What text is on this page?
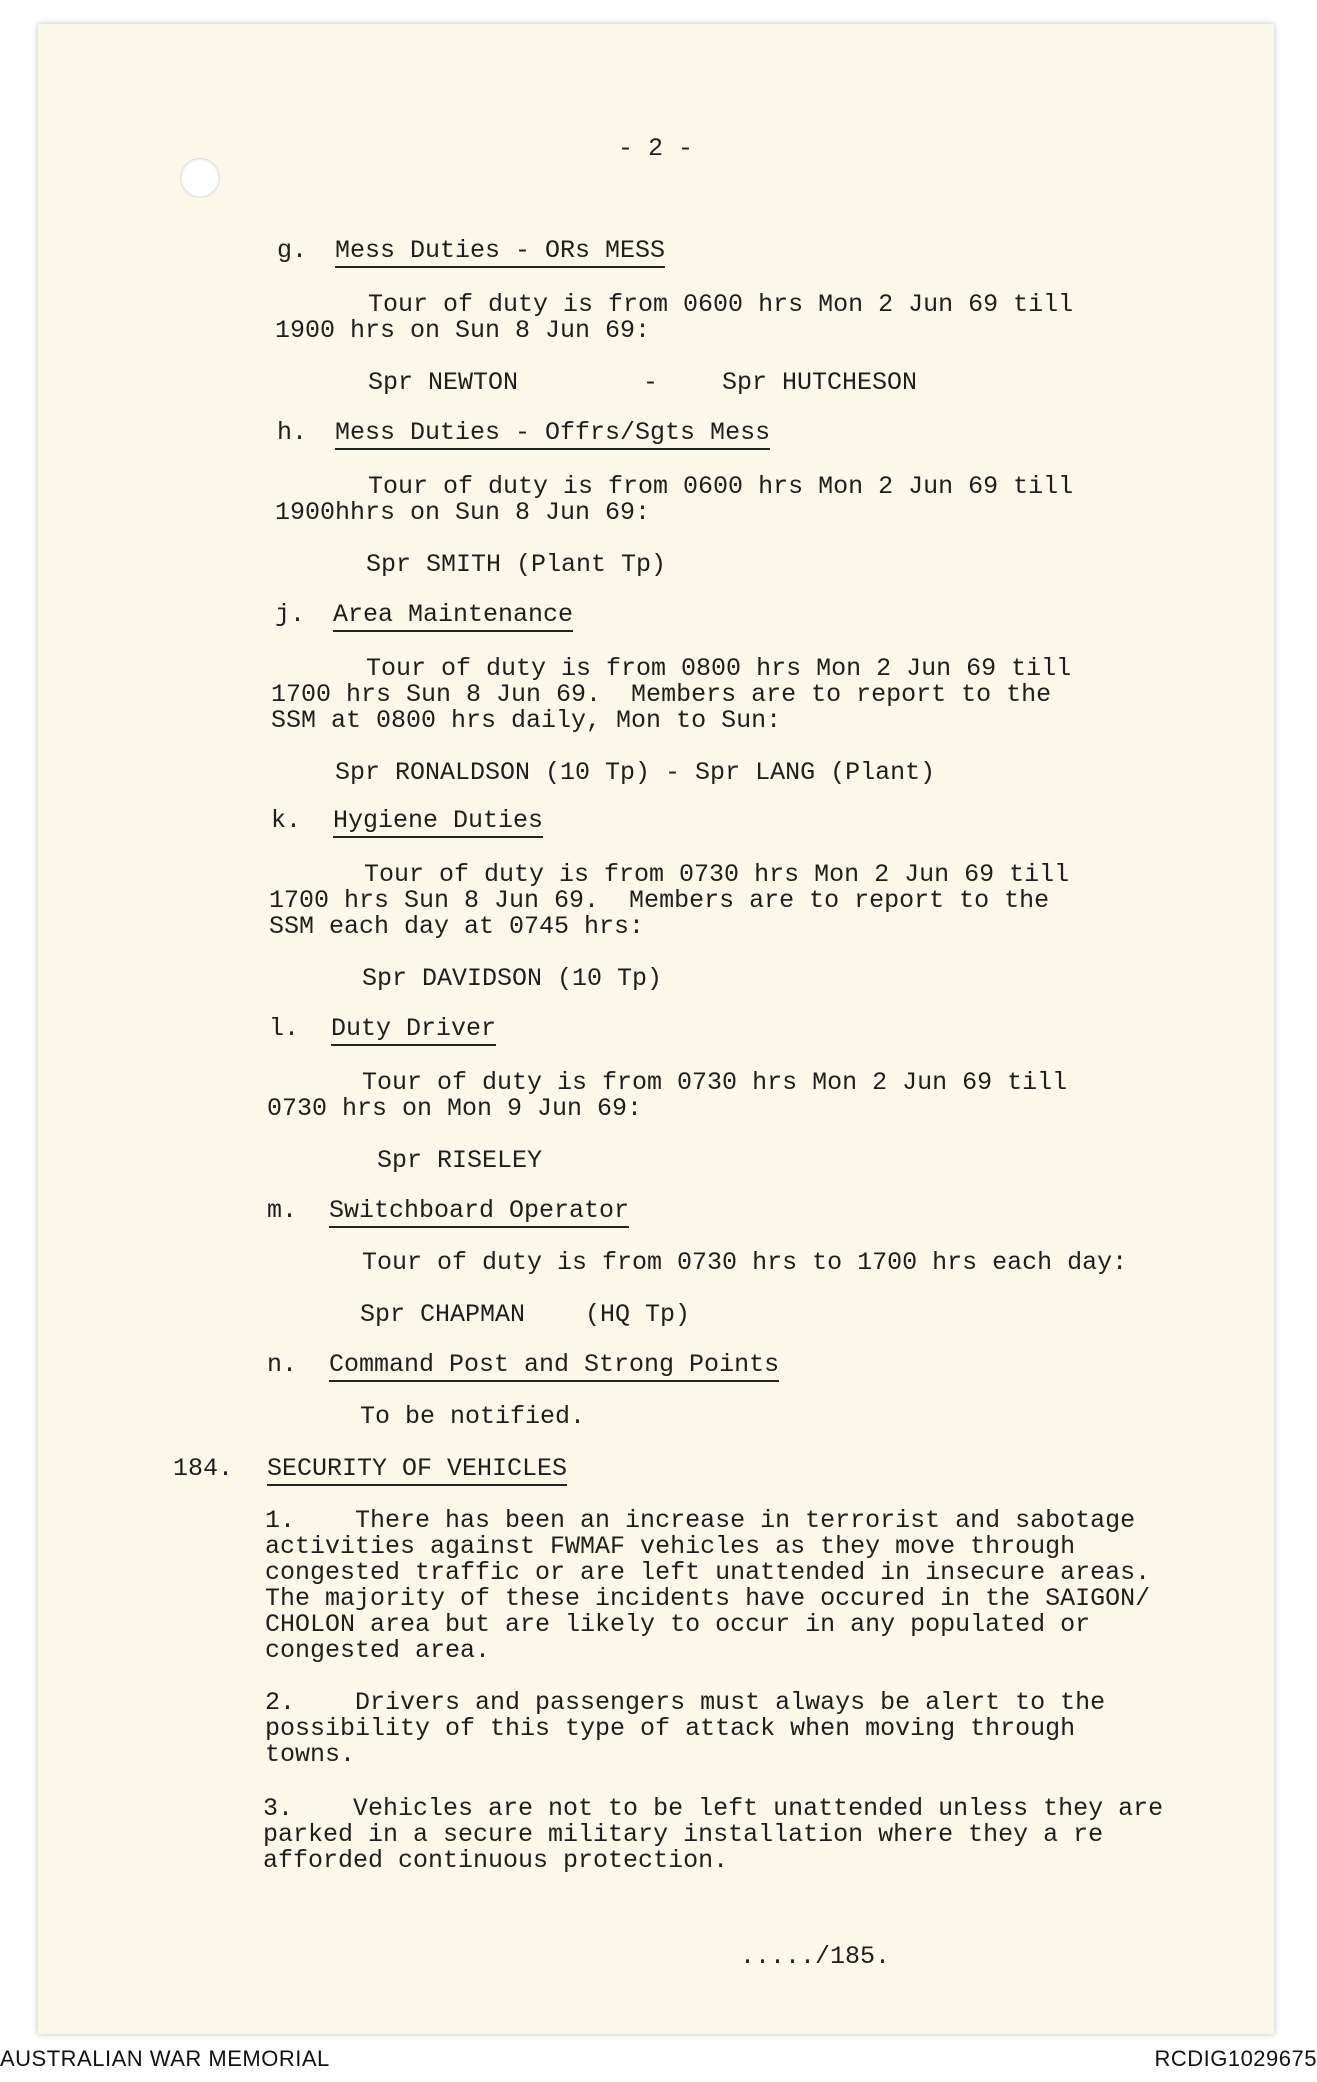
- 2 -
g. Mess Duties - ORs MESS
Tour of duty is from 0600 hrs Mon 2 Jun 69 till
1900 hrs on Sun 8 Jun 69:
Spr NEWTON	-	Spr HUTCHESON
h. Mess Duties - Offrs/Sgts Mess
Tour of duty is from 0600 hrs Mon 2 Jun 69 till
1900hhrs on Sun 8 Jun 69:
Spr SMITH (Plant Tp)
j. Area Maintenance
Tour of duty is from 0800 hrs Mon 2 Jun 69 till
1700 hrs Sun 8 Jun 69.  Members are to report to the
SSM at 0800 hrs daily, Mon to Sun:
Spr RONALDSON (10 Tp) - Spr LANG (Plant)
k. Hygiene Duties
Tour of duty is from 0730 hrs Mon 2 Jun 69 till
1700 hrs Sun 8 Jun 69.  Members are to report to the
SSM each day at 0745 hrs:
Spr DAVIDSON (10 Tp)
l. Duty Driver
Tour of duty is from 0730 hrs Mon 2 Jun 69 till
0730 hrs on Mon 9 Jun 69:
Spr RISELEY
m. Switchboard Operator
Tour of duty is from 0730 hrs to 1700 hrs each day:
Spr CHAPMAN    (HQ Tp)
n. Command Post and Strong Points
To be notified.
184. SECURITY OF VEHICLES
1.    There has been an increase in terrorist and sabotage
activities against FWMAF vehicles as they move through
congested traffic or are left unattended in insecure areas.
The majority of these incidents have occured in the SAIGON/
CHOLON area but are likely to occur in any populated or
congested area.
2.    Drivers and passengers must always be alert to the
possibility of this type of attack when moving through
towns.
3.    Vehicles are not to be left unattended unless they are
parked in a secure military installation where they a re
afforded continuous protection.
...../185.
AUSTRALIAN WAR MEMORIAL	RCDIG1029675
